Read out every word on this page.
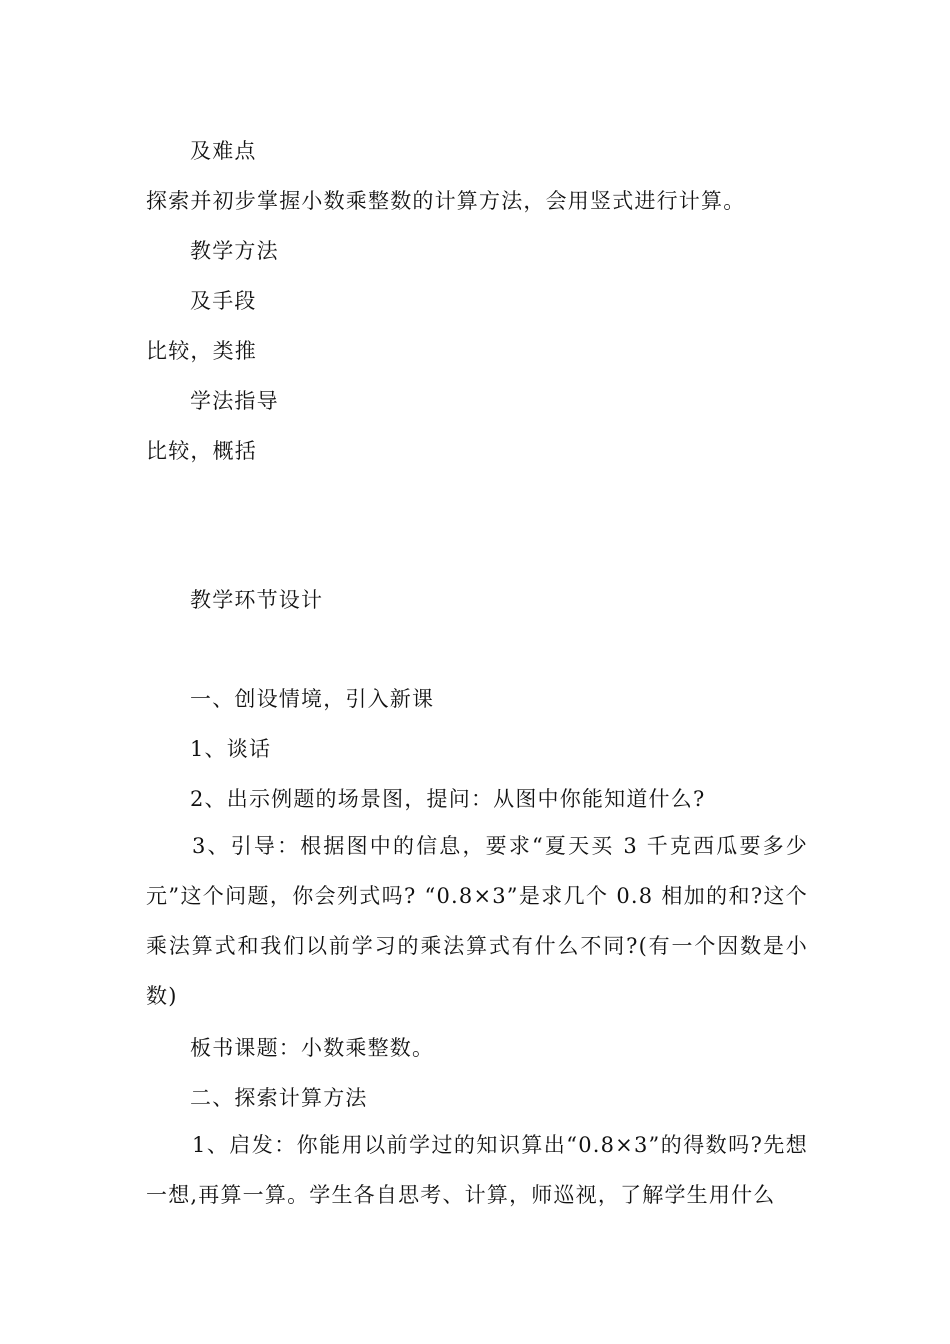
及难点
探索并初步掌握小数乘整数的计算方法，会用竖式进行计算。
教学方法
及手段
比较，类推
学法指导
比较，概括
教学环节设计
一、创设情境，引入新课
1、谈话
2、出示例题的场景图，提问：从图中你能知道什么?
3、引导：根据图中的信息，要求“夏天买 3 千克西瓜要多少元”这个问题，你会列式吗? “0.8×3”是求几个 0.8 相加的和?这个乘法算式和我们以前学习的乘法算式有什么不同?(有一个因数是小数)
板书课题：小数乘整数。
二、探索计算方法
1、启发：你能用以前学过的知识算出“0.8×3”的得数吗?先想一想,再算一算。学生各自思考、计算，师巡视，了解学生用什么
